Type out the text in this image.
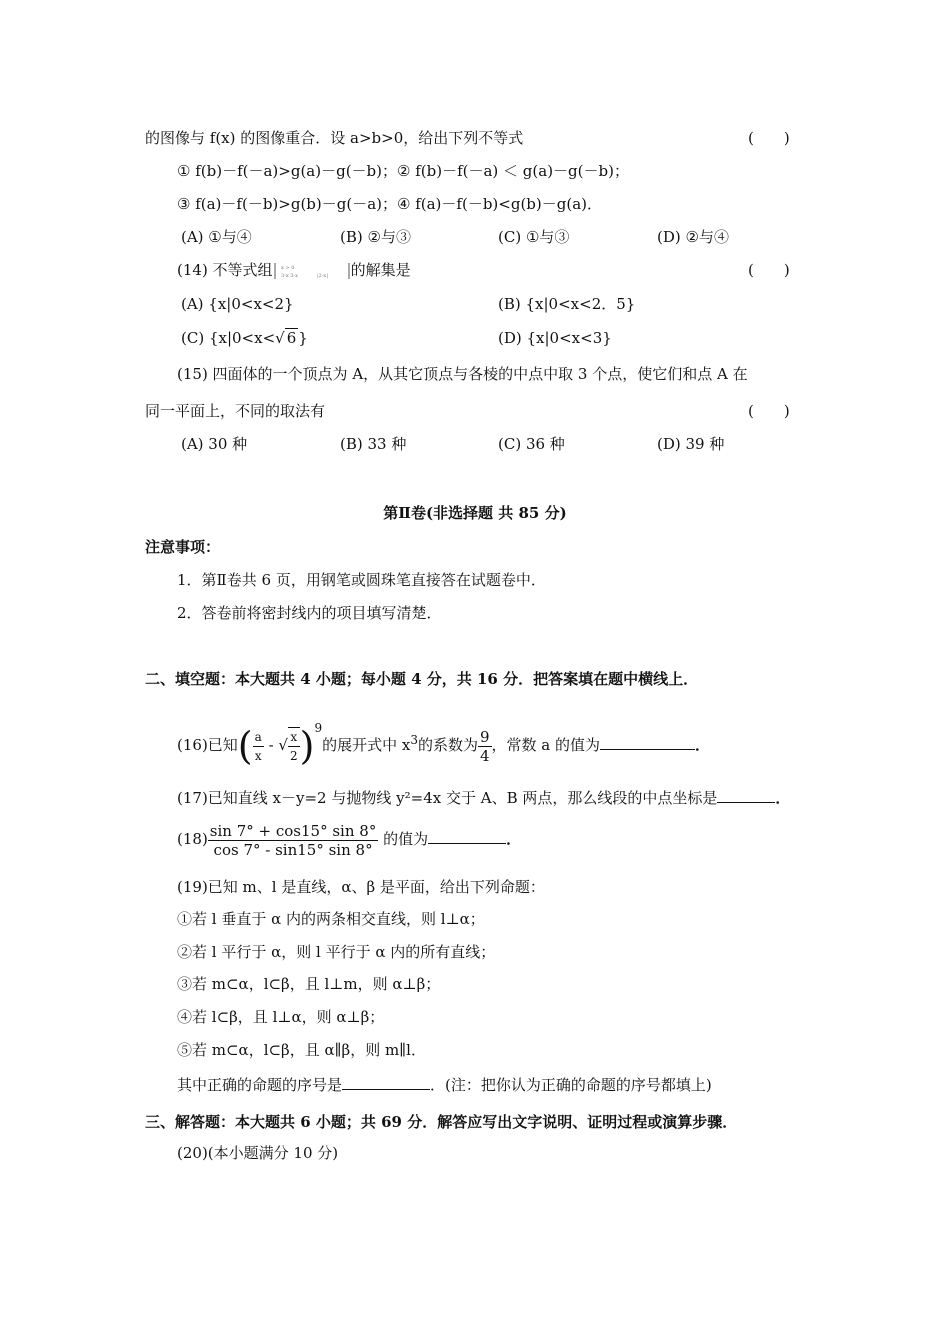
的图像与 f(x) 的图像重合．设 a>b>0，给出下列不等式	(　　)
① f(b)－f(－a)>g(a)－g(－b)；② f(b)－f(－a) ＜ g(a)－g(－b)；
③ f(a)－f(－b)>g(b)－g(－a)；④ f(a)－f(－b)<g(b)－g(a)．
(A) ①与④	(B) ②与③	(C) ①与③	(D) ②与④
(14) 不等式组 x > 0
3-x 3-x	|2-x| 的解集是	(　　)
(A) {x|0<x<2}	(B) {x|0<x<2．5}
(C) {x|0<x<√ 6 }	(D) {x|0<x<3}
(15) 四面体的一个顶点为 A，从其它顶点与各棱的中点中取 3 个点，使它们和点 A 在
同一平面上，不同的取法有	(　　)
(A) 30 种	(B) 33 种	(C) 36 种	(D) 39 种
第Ⅱ卷(非选择题 共 85 分)
注意事项：
1．第Ⅱ卷共 6 页，用钢笔或圆珠笔直接答在试题卷中．
2．答卷前将密封线内的项目填写清楚．
二、填空题：本大题共 4 小题；每小题 4 分，共 16 分．把答案填在题中横线上．
(16)已知( $\frac{a}{x}$ - √ $\frac{x}{2} )^9$的展开式中 $x^3$的系数为 $\frac{9}{4}$ ，常数 a 的值为	．
(17)已知直线 x－y=2 与抛物线 y²=4x 交于 A、B 两点，那么线段的中点坐标是	．
$(18) \frac{\sin 7^\circ + \cos 15^\circ \sin 8^\circ}{\cos 7^\circ - \sin 15^\circ \sin 8^\circ}$ 的值为	．
(19)已知 m、l 是直线，α、β 是平面，给出下列命题：
①若 l 垂直于 α 内的两条相交直线，则 l⊥α；
②若 l 平行于 α，则 l 平行于 α 内的所有直线；
③若 m⊂α，l⊂β，且 l⊥m，则 α⊥β；
④若 l⊂β，且 l⊥α，则 α⊥β；
⑤若 m⊂α，l⊂β，且 α∥β，则 m∥l．
其中正确的命题的序号是	．(注：把你认为正确的命题的序号都填上)
三、解答题：本大题共 6 小题；共 69 分．解答应写出文字说明、证明过程或演算步骤．
(20)(本小题满分 10 分)
